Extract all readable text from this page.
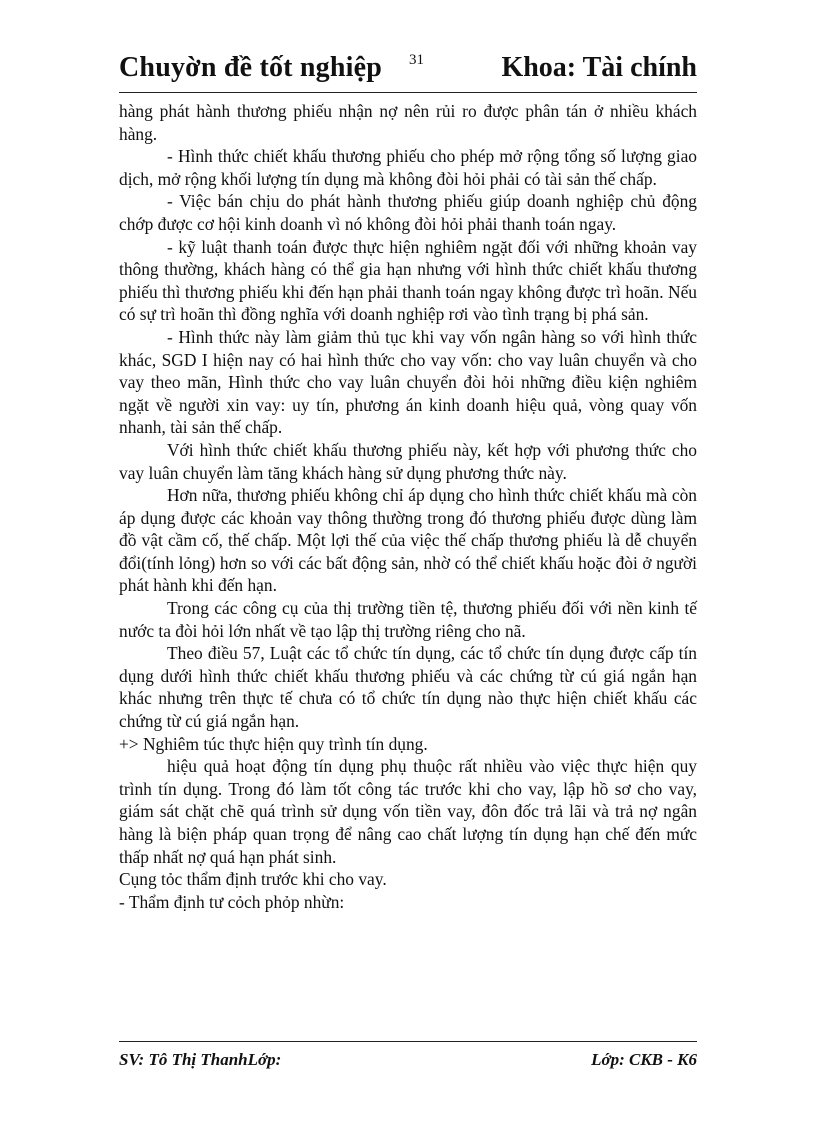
Chuyờn đề tốt nghiệp 31	Khoa: Tài chính

hàng phát hành thương phiếu nhận nợ nên rủi ro được phân tán ở nhiều khách hàng.

- Hình thức chiết khấu thương phiếu cho phép mở rộng tổng số lượng giao dịch, mở rộng khối lượng tín dụng mà không đòi hỏi phải có tài sản thế chấp.

- Việc bán chịu do phát hành thương phiếu giúp doanh nghiệp chủ động chớp được cơ hội kinh doanh vì nó không đòi hỏi phải thanh toán ngay.

- kỹ luật thanh toán được thực hiện nghiêm ngặt đối với những khoản vay thông thường, khách hàng có thể gia hạn nhưng với hình thức chiết khấu thương phiếu thì thương phiếu khi đến hạn phải thanh toán ngay không được trì hoãn. Nếu có sự trì hoãn thì đồng nghĩa với doanh nghiệp rơi vào tình trạng bị phá sản.

- Hình thức này làm giảm thủ tục khi vay vốn ngân hàng so với hình thức khác, SGD I hiện nay có hai hình thức cho vay vốn: cho vay luân chuyển và cho vay theo mãn, Hình thức cho vay luân chuyển đòi hỏi những điều kiện nghiêm ngặt về người xin vay: uy tín, phương án kinh doanh hiệu quả, vòng quay vốn nhanh, tài sản thế chấp.

Với hình thức chiết khấu thương phiếu này, kết hợp với phương thức cho vay luân chuyển làm tăng khách hàng sử dụng phương thức này.

Hơn nữa, thương phiếu không chỉ áp dụng cho hình thức chiết khấu mà còn áp dụng được các khoản vay thông thường trong đó thương phiếu được dùng làm đồ vật cầm cố, thế chấp. Một lợi thế của việc thế chấp thương phiếu là dễ chuyển đổi(tính lỏng) hơn so với các bất động sản, nhờ có thể chiết khấu hoặc đòi ở người phát hành khi đến hạn.

Trong các công cụ của thị trường tiền tệ, thương phiếu đối với nền kinh tế nước ta đòi hỏi lớn nhất về tạo lập thị trường riêng cho nã.

Theo điều 57, Luật các tổ chức tín dụng, các tổ chức tín dụng được cấp tín dụng dưới hình thức chiết khấu thương phiếu và các chứng từ cú giá ngắn hạn khác nhưng trên thực tế chưa có tổ chức tín dụng nào thực hiện chiết khấu các chứng từ cú giá ngắn hạn.

+> Nghiêm túc thực hiện quy trình tín dụng.

hiệu quả hoạt động tín dụng phụ thuộc rất nhiều vào việc thực hiện quy trình tín dụng. Trong đó làm tốt công tác trước khi cho vay, lập hồ sơ cho vay, giám sát chặt chẽ quá trình sử dụng vốn tiền vay, đôn đốc trả lãi và trả nợ ngân hàng là biện pháp quan trọng để nâng cao chất lượng tín dụng hạn chế đến mức thấp nhất nợ quá hạn phát sinh.

Cụng tỏc thẩm định trước khi cho vay.

- Thẩm định tư cỏch phỏp nhừn:

SV: Tô Thị ThanhLớp:	Lớp: CKB - K6
